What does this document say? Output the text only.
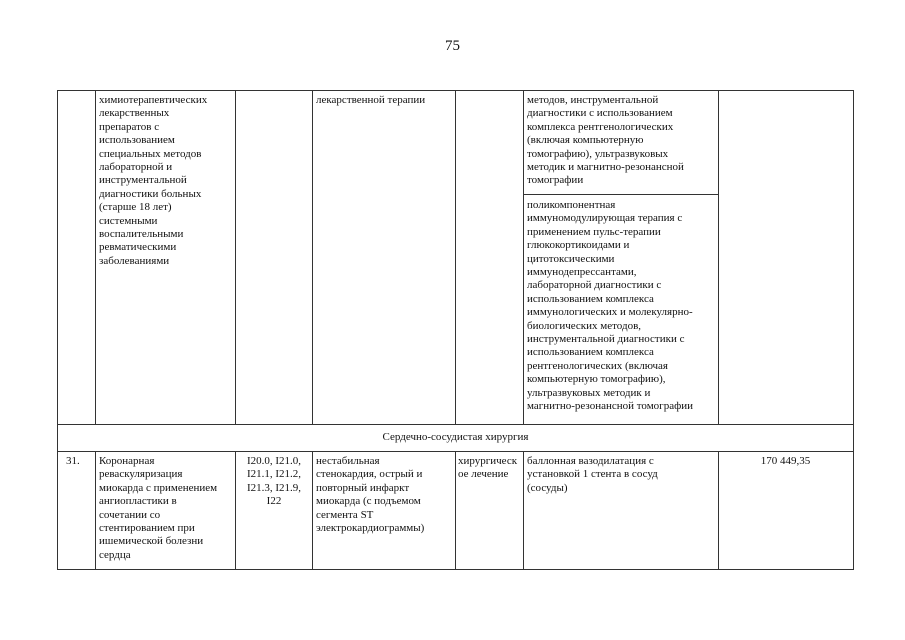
75
химиотерапевтических
лекарственных
препаратов с
использованием
специальных методов
лабораторной и
инструментальной
диагностики больных
(старше 18 лет)
системными
воспалительными
ревматическими
заболеваниями
лекарственной терапии	методов, инструментальной
диагностики с использованием
комплекса рентгенологических
(включая компьютерную
томографию), ультразвуковых
методик и магнитно-резонансной
томографии
поликомпонентная
иммуномодулирующая терапия с
применением пульс-терапии
глюкокортикоидами и
цитотоксическими
иммунодепрессантами,
лабораторной диагностики с
использованием комплекса
иммунологических и молекулярно-
биологических методов,
инструментальной диагностики с
использованием комплекса
рентгенологических (включая
компьютерную томографию),
ультразвуковых методик и
магнитно-резонансной томографии
Сердечно-сосудистая хирургия
31.	Коронарная
реваскуляризация
миокарда с применением
ангиопластики в
сочетании со
стентированием при
ишемической болезни
сердца
I20.0, I21.0,
I21.1, I21.2,
I21.3, I21.9,
I22
нестабильная
стенокардия, острый и
повторный инфаркт
миокарда (с подъемом
сегмента ST
электрокардиограммы)
хирургическ
ое лечение
баллонная вазодилатация с
установкой 1 стента в сосуд
(сосуды)
170 449,35
